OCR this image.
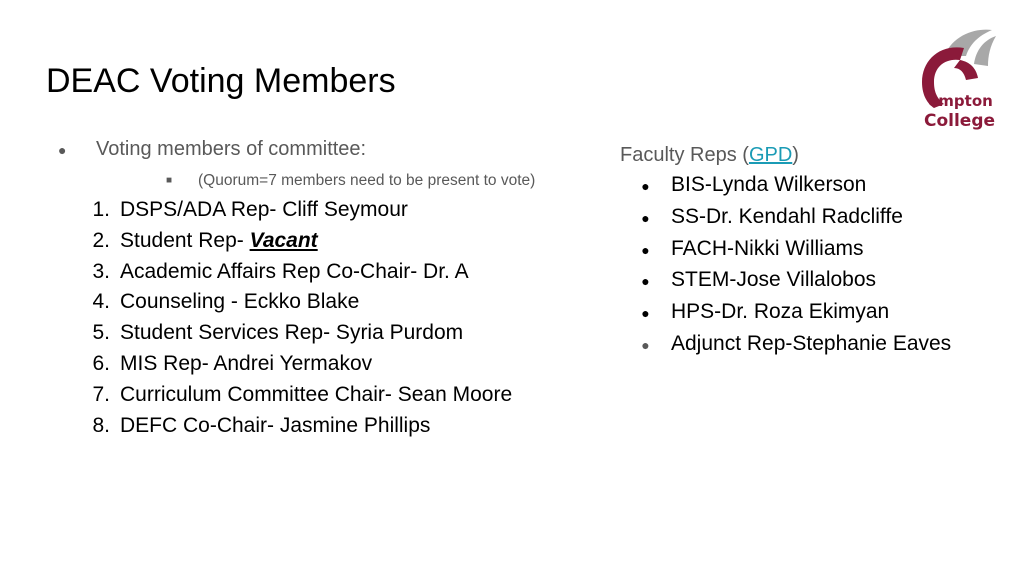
DEAC Voting Members
ompton
College
●	Voting members of committee:
■	(Quorum=7 members need to be present to vote)
1. DSPS/ADA Rep- Cliff Seymour
2. Student Rep- Vacant
3. Academic Affairs Rep Co-Chair- Dr. A
4. Counseling - Eckko Blake
5. Student Services Rep- Syria Purdom
6. MIS Rep- Andrei Yermakov
7. Curriculum Committee Chair- Sean Moore
8. DEFC Co-Chair- Jasmine Phillips
Faculty Reps (GPD)
●	BIS-Lynda Wilkerson
●	SS-Dr. Kendahl Radcliffe
●	FACH-Nikki Williams
●	STEM-Jose Villalobos
●	HPS-Dr. Roza Ekimyan
●	Adjunct Rep-Stephanie Eaves
